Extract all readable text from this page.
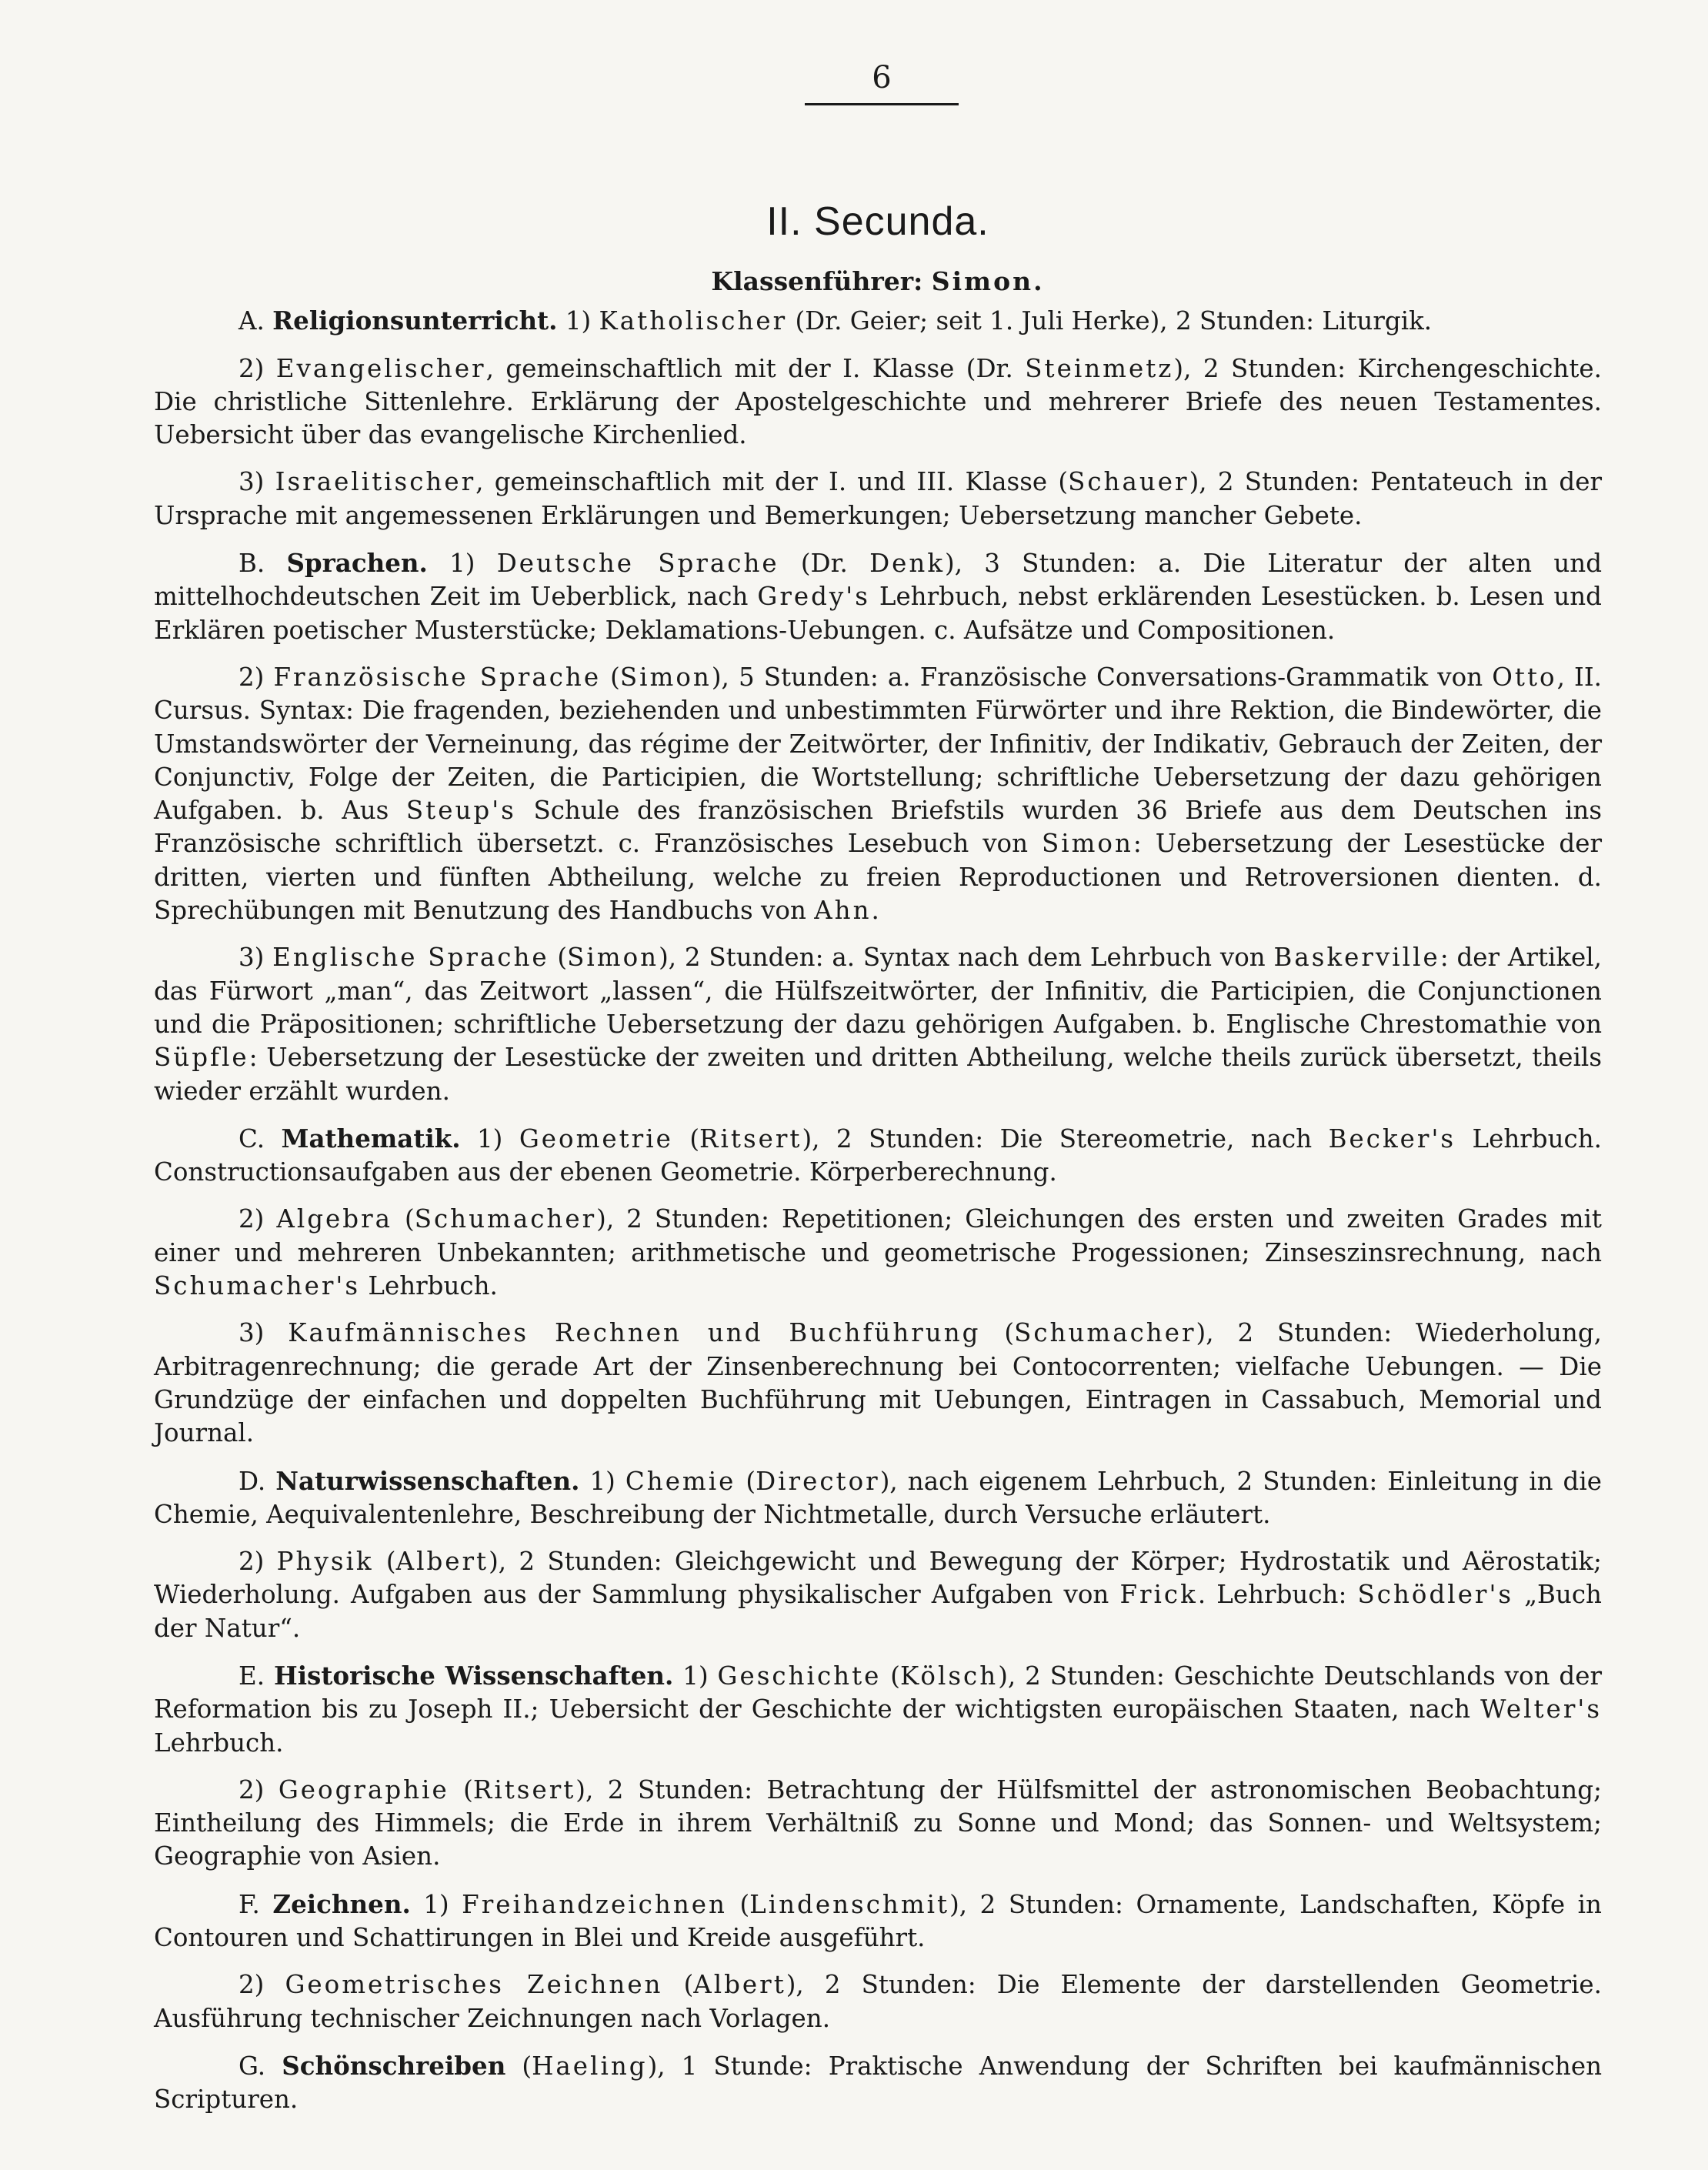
6
II. Secunda.
Klassenführer: Simon.

A. Religionsunterricht. 1) Katholischer (Dr. Geier; seit 1. Juli Herke), 2 Stunden: Liturgik.

2) Evangelischer, gemeinschaftlich mit der I. Klasse (Dr. Steinmetz), 2 Stunden: Kirchengeschichte. Die christliche Sittenlehre. Erklärung der Apostelgeschichte und mehrerer Briefe des neuen Testamentes. Uebersicht über das evangelische Kirchenlied.

3) Israelitischer, gemeinschaftlich mit der I. und III. Klasse (Schauer), 2 Stunden: Pentateuch in der Ursprache mit angemessenen Erklärungen und Bemerkungen; Uebersetzung mancher Gebete.

B. Sprachen. 1) Deutsche Sprache (Dr. Denk), 3 Stunden: a. Die Literatur der alten und mittelhochdeutschen Zeit im Ueberblick, nach Gredy's Lehrbuch, nebst erklärenden Lesestücken. b. Lesen und Erklären poetischer Musterstücke; Deklamations-Uebungen. c. Aufsätze und Compositionen.

2) Französische Sprache (Simon), 5 Stunden: a. Französische Conversations-Grammatik von Otto, II. Cursus. Syntax: Die fragenden, beziehenden und unbestimmten Fürwörter und ihre Rektion, die Bindewörter, die Umstandswörter der Verneinung, das régime der Zeitwörter, der Infinitiv, der Indikativ, Gebrauch der Zeiten, der Conjunctiv, Folge der Zeiten, die Participien, die Wortstellung; schriftliche Uebersetzung der dazu gehörigen Aufgaben. b. Aus Steup's Schule des französischen Briefstils wurden 36 Briefe aus dem Deutschen ins Französische schriftlich übersetzt. c. Französisches Lesebuch von Simon: Uebersetzung der Lesestücke der dritten, vierten und fünften Abtheilung, welche zu freien Reproductionen und Retroversionen dienten. d. Sprechübungen mit Benutzung des Handbuchs von Ahn.

3) Englische Sprache (Simon), 2 Stunden: a. Syntax nach dem Lehrbuch von Baskerville: der Artikel, das Fürwort „man“, das Zeitwort „lassen“, die Hülfszeitwörter, der Infinitiv, die Participien, die Conjunctionen und die Präpositionen; schriftliche Uebersetzung der dazu gehörigen Aufgaben. b. Englische Chrestomathie von Süpfle: Uebersetzung der Lesestücke der zweiten und dritten Abtheilung, welche theils zurück übersetzt, theils wieder erzählt wurden.

C. Mathematik. 1) Geometrie (Ritsert), 2 Stunden: Die Stereometrie, nach Becker's Lehrbuch. Constructionsaufgaben aus der ebenen Geometrie. Körperberechnung.

2) Algebra (Schumacher), 2 Stunden: Repetitionen; Gleichungen des ersten und zweiten Grades mit einer und mehreren Unbekannten; arithmetische und geometrische Progessionen; Zinseszinsrechnung, nach Schumacher's Lehrbuch.

3) Kaufmännisches Rechnen und Buchführung (Schumacher), 2 Stunden: Wiederholung, Arbitragenrechnung; die gerade Art der Zinsenberechnung bei Contocorrenten; vielfache Uebungen. — Die Grundzüge der einfachen und doppelten Buchführung mit Uebungen, Eintragen in Cassabuch, Memorial und Journal.

D. Naturwissenschaften. 1) Chemie (Director), nach eigenem Lehrbuch, 2 Stunden: Einleitung in die Chemie, Aequivalentenlehre, Beschreibung der Nichtmetalle, durch Versuche erläutert.

2) Physik (Albert), 2 Stunden: Gleichgewicht und Bewegung der Körper; Hydrostatik und Aërostatik; Wiederholung. Aufgaben aus der Sammlung physikalischer Aufgaben von Frick. Lehrbuch: Schödler's „Buch der Natur“.

E. Historische Wissenschaften. 1) Geschichte (Kölsch), 2 Stunden: Geschichte Deutschlands von der Reformation bis zu Joseph II.; Uebersicht der Geschichte der wichtigsten europäischen Staaten, nach Welter's Lehrbuch.

2) Geographie (Ritsert), 2 Stunden: Betrachtung der Hülfsmittel der astronomischen Beobachtung; Eintheilung des Himmels; die Erde in ihrem Verhältniß zu Sonne und Mond; das Sonnen- und Weltsystem; Geographie von Asien.

F. Zeichnen. 1) Freihandzeichnen (Lindenschmit), 2 Stunden: Ornamente, Landschaften, Köpfe in Contouren und Schattirungen in Blei und Kreide ausgeführt.

2) Geometrisches Zeichnen (Albert), 2 Stunden: Die Elemente der darstellenden Geometrie. Ausführung technischer Zeichnungen nach Vorlagen.

G. Schönschreiben (Haeling), 1 Stunde: Praktische Anwendung der Schriften bei kaufmännischen Scripturen.
